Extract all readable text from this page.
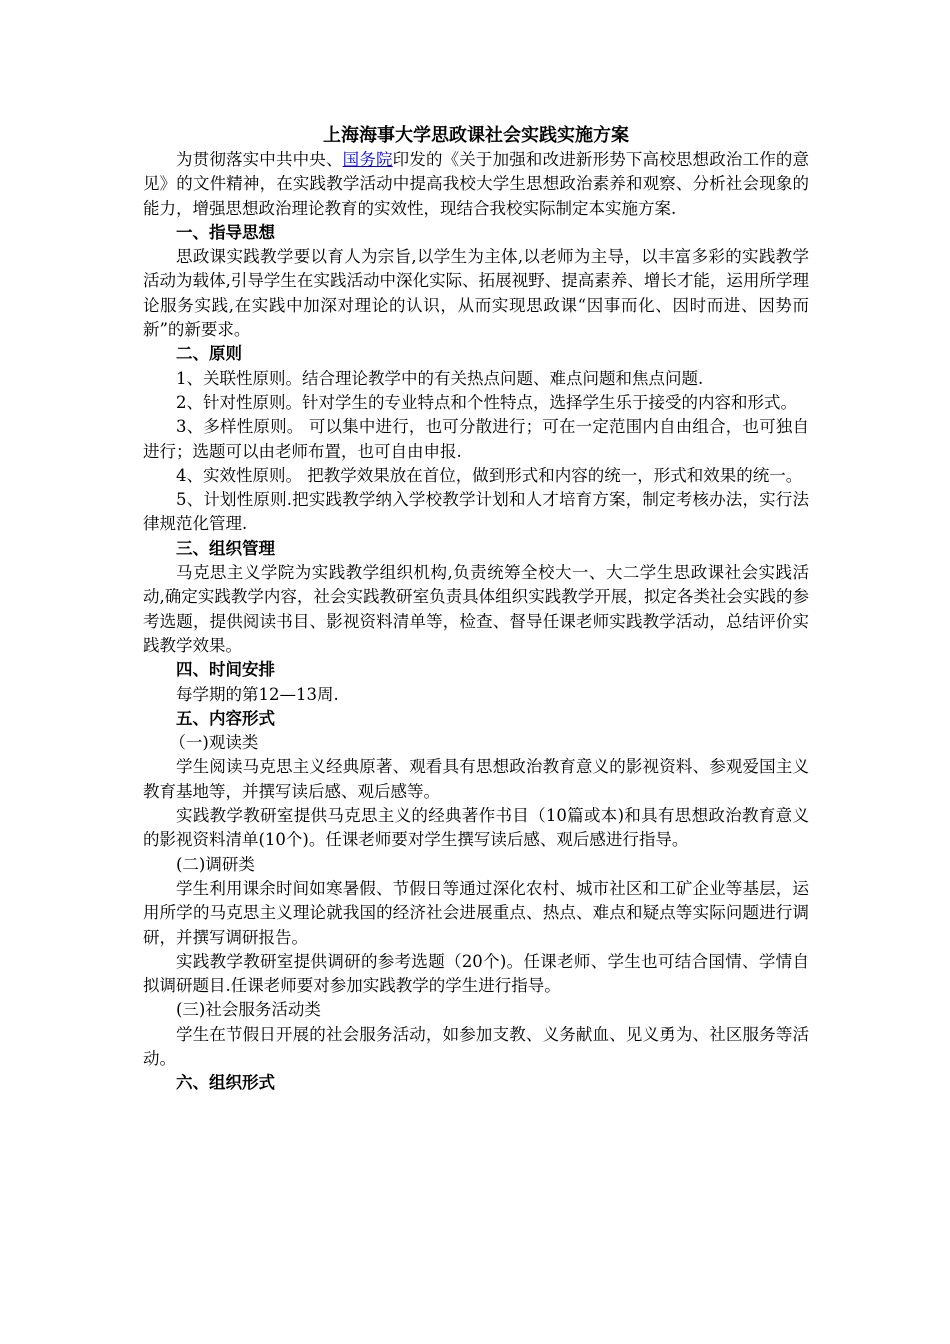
上海海事大学思政课社会实践实施方案

为贯彻落实中共中央、国务院印发的《关于加强和改进新形势下高校思想政治工作的意见》的文件精神，在实践教学活动中提高我校大学生思想政治素养和观察、分析社会现象的能力，增强思想政治理论教育的实效性，现结合我校实际制定本实施方案.

一、指导思想

思政课实践教学要以育人为宗旨,以学生为主体,以老师为主导，以丰富多彩的实践教学活动为载体,引导学生在实践活动中深化实际、拓展视野、提高素养、增长才能，运用所学理论服务实践,在实践中加深对理论的认识，从而实现思政课“因事而化、因时而进、因势而新”的新要求。

二、原则

1、关联性原则。结合理论教学中的有关热点问题、难点问题和焦点问题.

2、针对性原则。针对学生的专业特点和个性特点，选择学生乐于接受的内容和形式。

3、多样性原则。 可以集中进行，也可分散进行；可在一定范围内自由组合，也可独自进行；选题可以由老师布置，也可自由申报.

4、实效性原则。 把教学效果放在首位，做到形式和内容的统一，形式和效果的统一。

5、计划性原则.把实践教学纳入学校教学计划和人才培育方案，制定考核办法，实行法律规范化管理.

三、组织管理

马克思主义学院为实践教学组织机构,负责统筹全校大一、大二学生思政课社会实践活动,确定实践教学内容，社会实践教研室负责具体组织实践教学开展，拟定各类社会实践的参考选题，提供阅读书目、影视资料清单等，检查、督导任课老师实践教学活动，总结评价实践教学效果。

四、时间安排

每学期的第12—13周.

五、内容形式

（一)观读类

学生阅读马克思主义经典原著、观看具有思想政治教育意义的影视资料、参观爱国主义教育基地等，并撰写读后感、观后感等。

实践教学教研室提供马克思主义的经典著作书目（10篇或本)和具有思想政治教育意义的影视资料清单(10个)。任课老师要对学生撰写读后感、观后感进行指导。

(二)调研类

学生利用课余时间如寒暑假、节假日等通过深化农村、城市社区和工矿企业等基层，运用所学的马克思主义理论就我国的经济社会进展重点、热点、难点和疑点等实际问题进行调研，并撰写调研报告。

实践教学教研室提供调研的参考选题（20个)。任课老师、学生也可结合国情、学情自拟调研题目.任课老师要对参加实践教学的学生进行指导。

(三)社会服务活动类

学生在节假日开展的社会服务活动，如参加支教、义务献血、见义勇为、社区服务等活动。

六、组织形式
